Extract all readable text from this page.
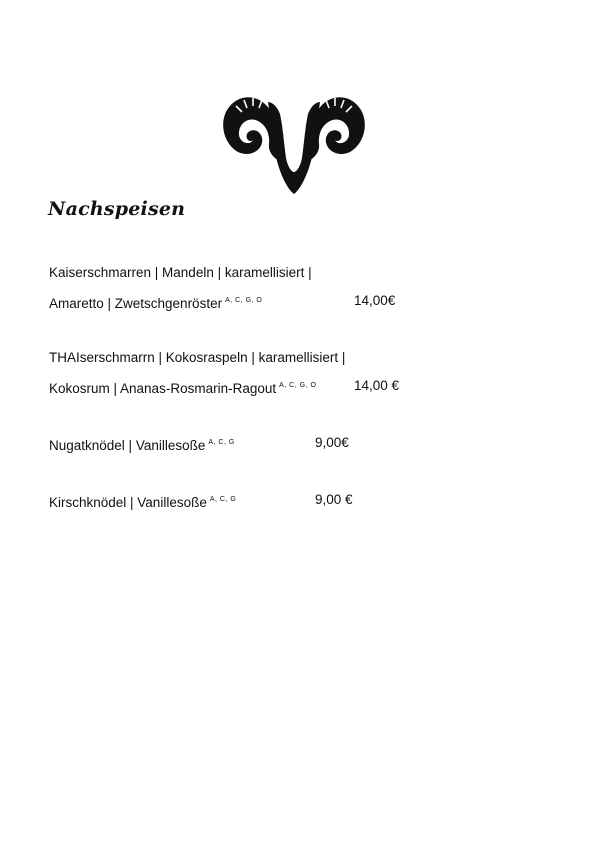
Nachspeisen
Kaiserschmarren | Mandeln | karamellisiert |
Amaretto | Zwetschgenröster $^{A, C, G, O}$	14,00€
THAIserschmarrn | Kokosraspeln | karamellisiert |
Kokosrum | Ananas-Rosmarin-Ragout $^{A, C, G, O}$	14,00 €
Nugatknödel | Vanillesoße $^{A, C, G}$	9,00€
Kirschknödel | Vanillesoße $^{A, C, G}$	9,00 €
